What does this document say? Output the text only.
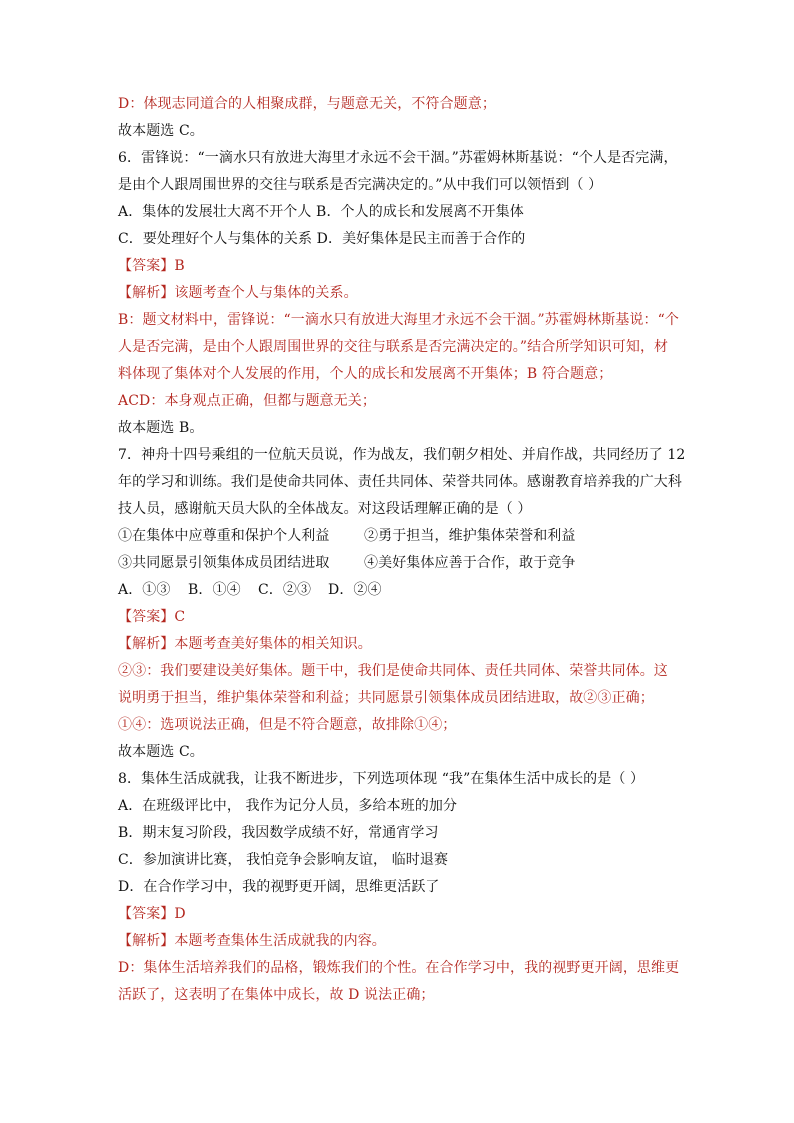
D：体现志同道合的人相聚成群，与题意无关，不符合题意；
故本题选 C。
6．雷锋说：“一滴水只有放进大海里才永远不会干涸。”苏霍姆林斯基说：“个人是否完满，
是由个人跟周围世界的交往与联系是否完满决定的。”从中我们可以领悟到（ ）
A．集体的发展壮大离不开个人 B．个人的成长和发展离不开集体
C．要处理好个人与集体的关系 D．美好集体是民主而善于合作的
【答案】B
【解析】该题考查个人与集体的关系。
B：题文材料中，雷锋说：“一滴水只有放进大海里才永远不会干涸。”苏霍姆林斯基说：“个
人是否完满，是由个人跟周围世界的交往与联系是否完满决定的。”结合所学知识可知，材
料体现了集体对个人发展的作用，个人的成长和发展离不开集体；B 符合题意；
ACD：本身观点正确，但都与题意无关；
故本题选 B。
7．神舟十四号乘组的一位航天员说，作为战友，我们朝夕相处、并肩作战，共同经历了 12
年的学习和训练。我们是使命共同体、责任共同体、荣誉共同体。感谢教育培养我的广大科
技人员，感谢航天员大队的全体战友。对这段话理解正确的是（ ）
①在集体中应尊重和保护个人利益	②勇于担当，维护集体荣誉和利益
③共同愿景引领集体成员团结进取	④美好集体应善于合作，敢于竞争
A．①③	B．①④	C．②③	D．②④
【答案】C
【解析】本题考查美好集体的相关知识。
②③：我们要建设美好集体。题干中，我们是使命共同体、责任共同体、荣誉共同体。这
说明勇于担当，维护集体荣誉和利益；共同愿景引领集体成员团结进取，故②③正确；
①④：选项说法正确，但是不符合题意，故排除①④；
故本题选 C。
8．集体生活成就我，让我不断进步，下列选项体现 “我”在集体生活中成长的是（ ）
A．在班级评比中， 我作为记分人员，多给本班的加分
B．期末复习阶段，我因数学成绩不好，常通宵学习
C．参加演讲比赛， 我怕竞争会影响友谊， 临时退赛
D．在合作学习中，我的视野更开阔，思维更活跃了
【答案】D
【解析】本题考查集体生活成就我的内容。
D：集体生活培养我们的品格，锻炼我们的个性。在合作学习中，我的视野更开阔，思维更
活跃了，这表明了在集体中成长，故 D 说法正确；
